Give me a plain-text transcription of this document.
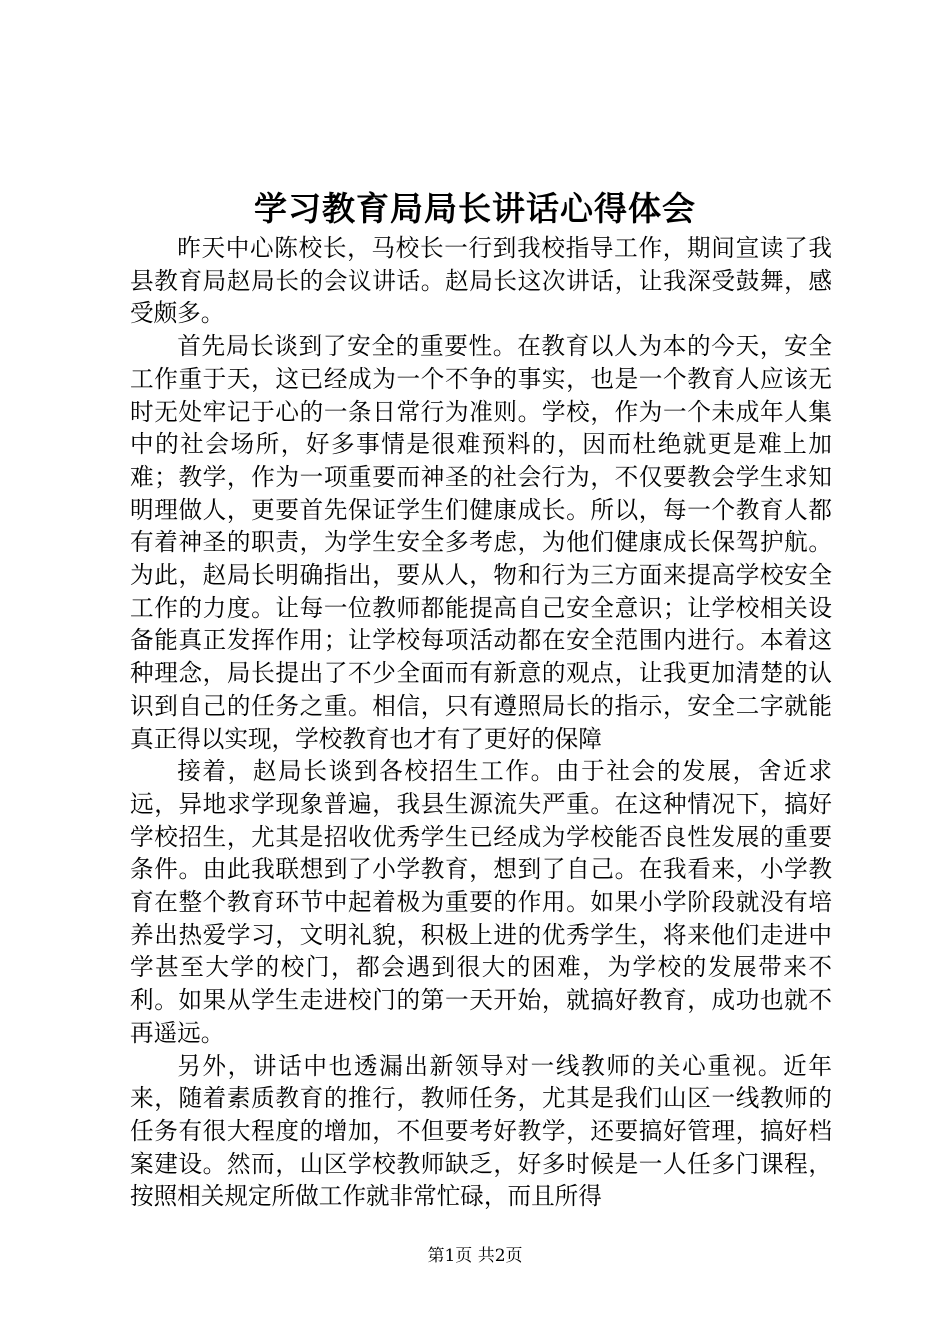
学习教育局局长讲话心得体会

昨天中心陈校长，马校长一行到我校指导工作，期间宣读了我县教育局赵局长的会议讲话。赵局长这次讲话，让我深受鼓舞，感受颇多。

首先局长谈到了安全的重要性。在教育以人为本的今天，安全工作重于天，这已经成为一个不争的事实，也是一个教育人应该无时无处牢记于心的一条日常行为准则。学校，作为一个未成年人集中的社会场所，好多事情是很难预料的，因而杜绝就更是难上加难；教学，作为一项重要而神圣的社会行为，不仅要教会学生求知明理做人，更要首先保证学生们健康成长。所以，每一个教育人都有着神圣的职责，为学生安全多考虑，为他们健康成长保驾护航。为此，赵局长明确指出，要从人，物和行为三方面来提高学校安全工作的力度。让每一位教师都能提高自己安全意识；让学校相关设备能真正发挥作用；让学校每项活动都在安全范围内进行。本着这种理念，局长提出了不少全面而有新意的观点，让我更加清楚的认识到自己的任务之重。相信，只有遵照局长的指示，安全二字就能真正得以实现，学校教育也才有了更好的保障

接着，赵局长谈到各校招生工作。由于社会的发展，舍近求远，异地求学现象普遍，我县生源流失严重。在这种情况下，搞好学校招生，尤其是招收优秀学生已经成为学校能否良性发展的重要条件。由此我联想到了小学教育，想到了自己。在我看来，小学教育在整个教育环节中起着极为重要的作用。如果小学阶段就没有培养出热爱学习，文明礼貌，积极上进的优秀学生，将来他们走进中学甚至大学的校门，都会遇到很大的困难，为学校的发展带来不利。如果从学生走进校门的第一天开始，就搞好教育，成功也就不再遥远。

另外，讲话中也透漏出新领导对一线教师的关心重视。近年来，随着素质教育的推行，教师任务，尤其是我们山区一线教师的任务有很大程度的增加，不但要考好教学，还要搞好管理，搞好档案建设。然而，山区学校教师缺乏，好多时候是一人任多门课程，按照相关规定所做工作就非常忙碌，而且所得

第1页 共2页
